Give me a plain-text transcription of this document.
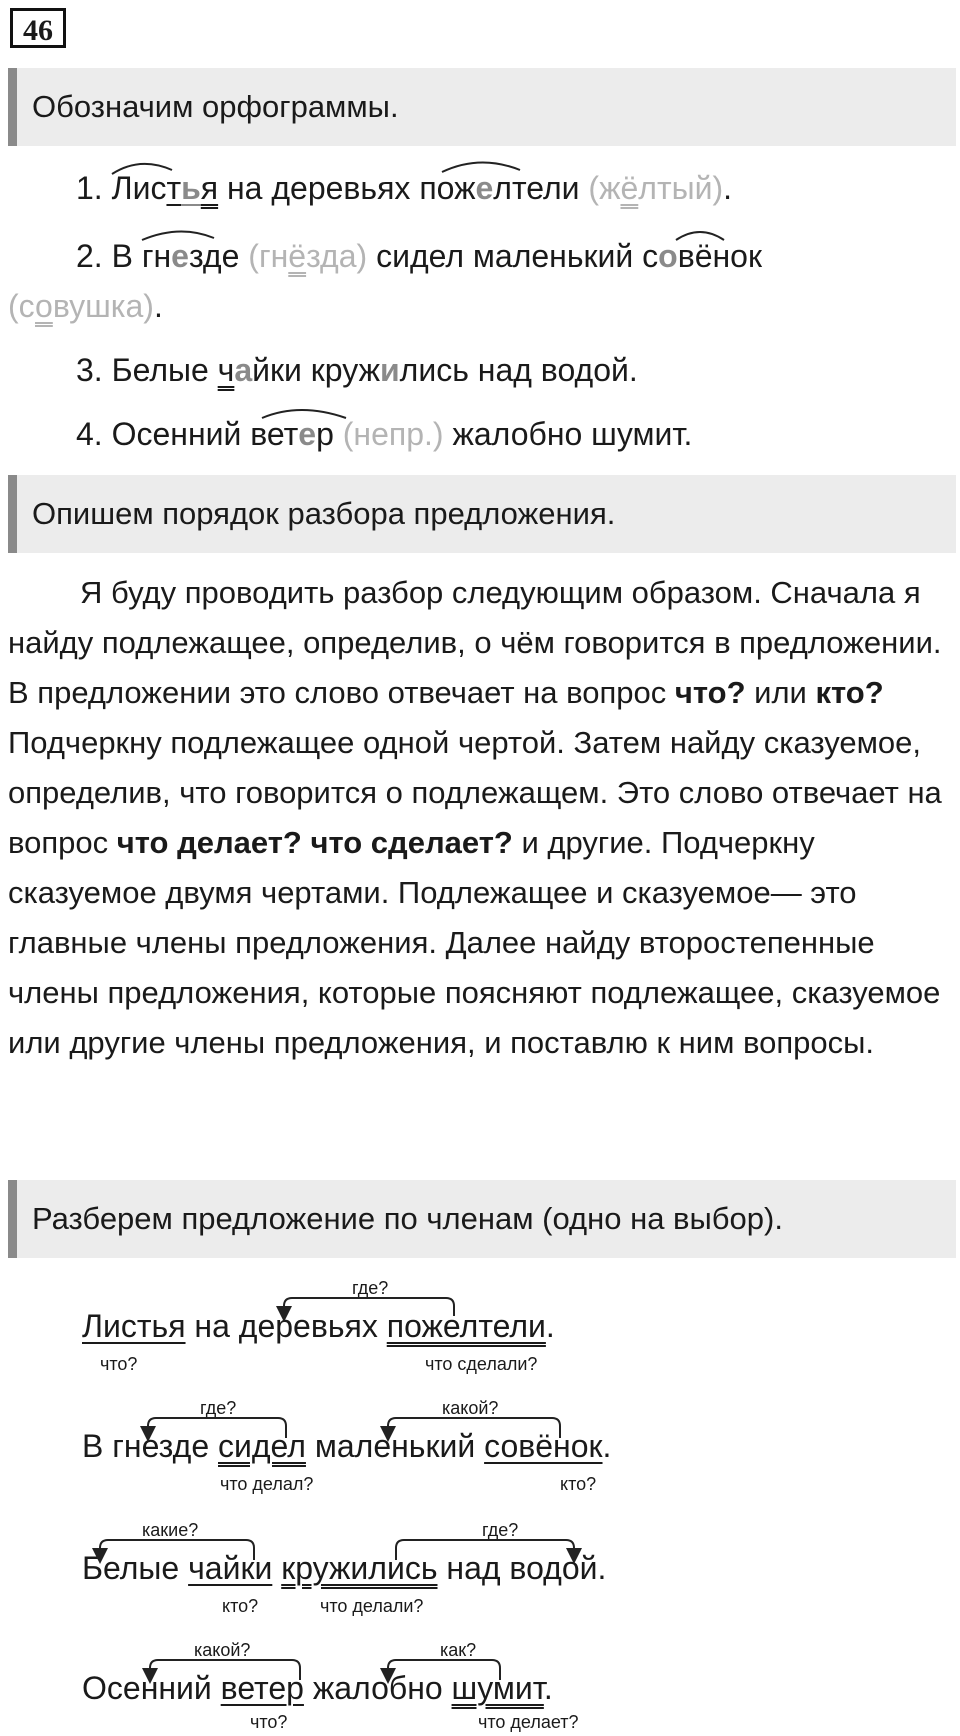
46
Обозначим орфограммы.
1. Листья на деревьях пожелтели (жёлтый).
2. В гнезде (гнёзда) сидел маленький совёнок
(совушка).
3. Белые чайки кружились над водой.
4. Осенний ветер (непр.) жалобно шумит.
Опишем порядок разбора предложения.
Я буду проводить разбор следующим образом. Сначала я найду подлежащее, определив, о чём говорится в предложении. В предложении это слово отвечает на вопрос что? или кто? Подчеркну подлежащее одной чертой. Затем найду сказуемое, определив, что говорится о подлежащем. Это слово отвечает на вопрос что делает? что сделает? и другие. Подчеркну сказуемое двумя чертами. Подлежащее и сказуемое— это главные члены предложения. Далее найду второстепенные члены предложения, которые поясняют подлежащее, сказуемое или другие члены предложения, и поставлю к ним вопросы.
Разберем предложение по членам (одно на выбор).
Листья на деревьях пожелтели.
что?	что сделали?
где?
В гнезде сидел маленький совёнок.
что делал?	кто?
где?	какой?
Белые чайки кружились над водой.
кто?	что делали?
какие?	где?
Осенний ветер жалобно шумит.
что?	что делает?
какой?	как?
